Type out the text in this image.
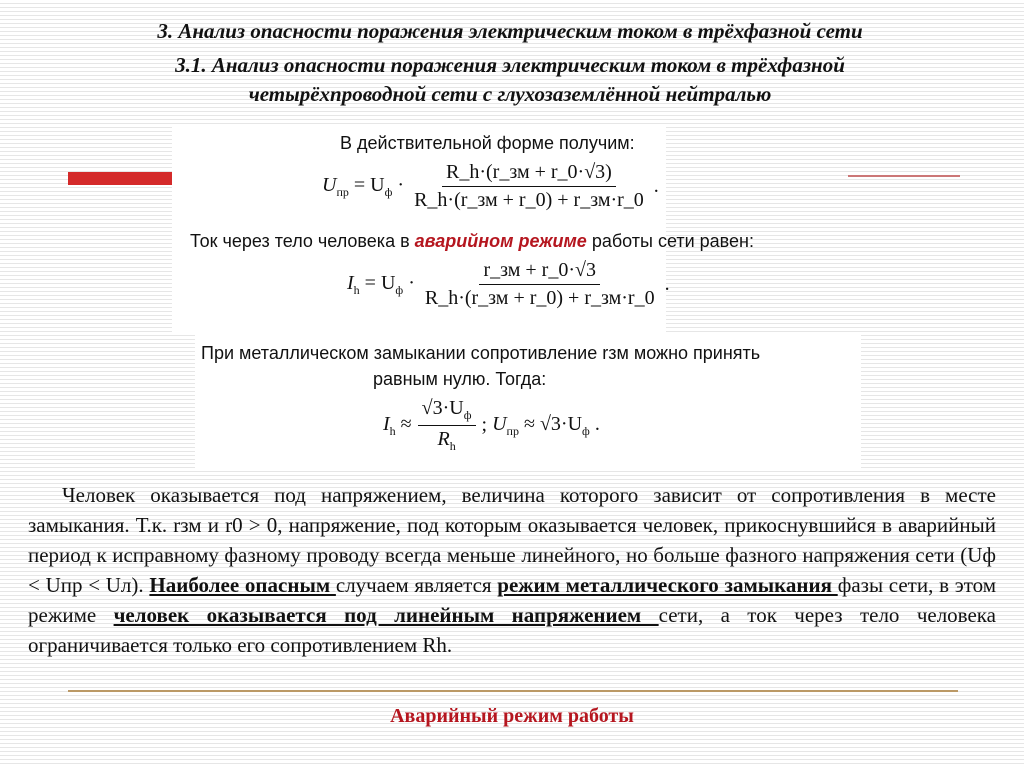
3. Анализ опасности поражения электрическим током в трёхфазной сети
3.1. Анализ опасности поражения электрическим током в трёхфазной
четырёхпроводной сети с глухозаземлённой нейтралью
В действительной форме получим:
$U_{пр} = U_ф \cdot \frac{R\_h\cdot(r\_зм + r\_0\cdot√3)}{R\_h\cdot(r\_зм + r\_0) + r\_зм\cdot r\_0}$ .
Ток через тело человека в аварийном режиме работы сети равен:
$I_h = U_ф \cdot \frac{r\_зм + r\_0\cdot√3}{R\_h\cdot(r\_зм + r\_0) + r\_зм\cdot r\_0}$ .
При металлическом замыкании сопротивление rзм можно принять
равным нулю. Тогда:
$I_h \approx \frac{√3\cdot U_ф}{R_h}$ ;
$U_{пр} \approx √3\cdot U_ф$ .
Человек оказывается под напряжением, величина которого зависит от сопротивления в месте замыкания. Т.к. rзм и r0 > 0, напряжение, под которым оказывается человек, прикоснувшийся в аварийный период к исправному фазному проводу всегда меньше линейного, но больше фазного напряжения сети (Uф < Uпр < Uл). Наиболее опасным случаем является режим металлического замыкания фазы сети, в этом режиме человек оказывается под линейным напряжением сети, а ток через тело человека ограничивается только его сопротивлением Rh.
Аварийный режим работы
